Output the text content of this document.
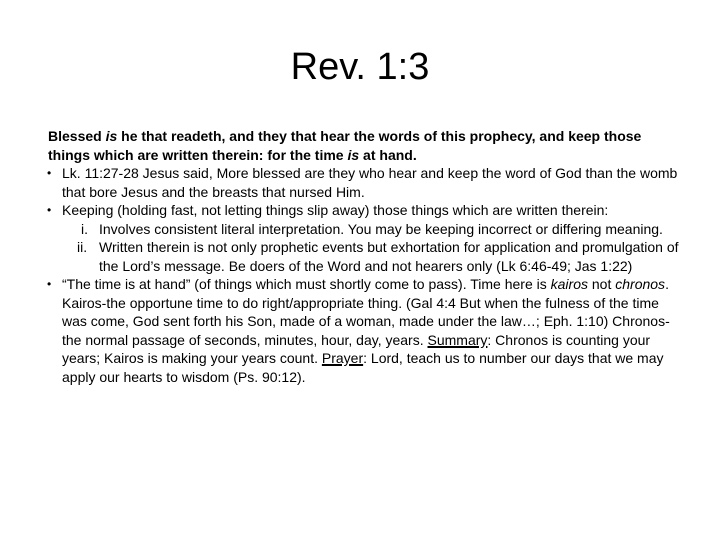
Rev. 1:3

Blessed is he that readeth, and they that hear the words of this prophecy, and keep those things which are written therein: for the time is at hand.

• Lk. 11:27-28 Jesus said, More blessed are they who hear and keep the word of God than the womb that bore Jesus and the breasts that nursed Him.
• Keeping (holding fast, not letting things slip away) those things which are written therein:
i. Involves consistent literal interpretation. You may be keeping incorrect or differing meaning.
ii. Written therein is not only prophetic events but exhortation for application and promulgation of the Lord’s message. Be doers of the Word and not hearers only (Lk 6:46-49; Jas 1:22)
• “The time is at hand” (of things which must shortly come to pass). Time here is kairos not chronos. Kairos-the opportune time to do right/appropriate thing. (Gal 4:4 But when the fulness of the time was come, God sent forth his Son, made of a woman, made under the law…; Eph. 1:10) Chronos-the normal passage of seconds, minutes, hour, day, years. Summary: Chronos is counting your years; Kairos is making your years count. Prayer: Lord, teach us to number our days that we may apply our hearts to wisdom (Ps. 90:12).
